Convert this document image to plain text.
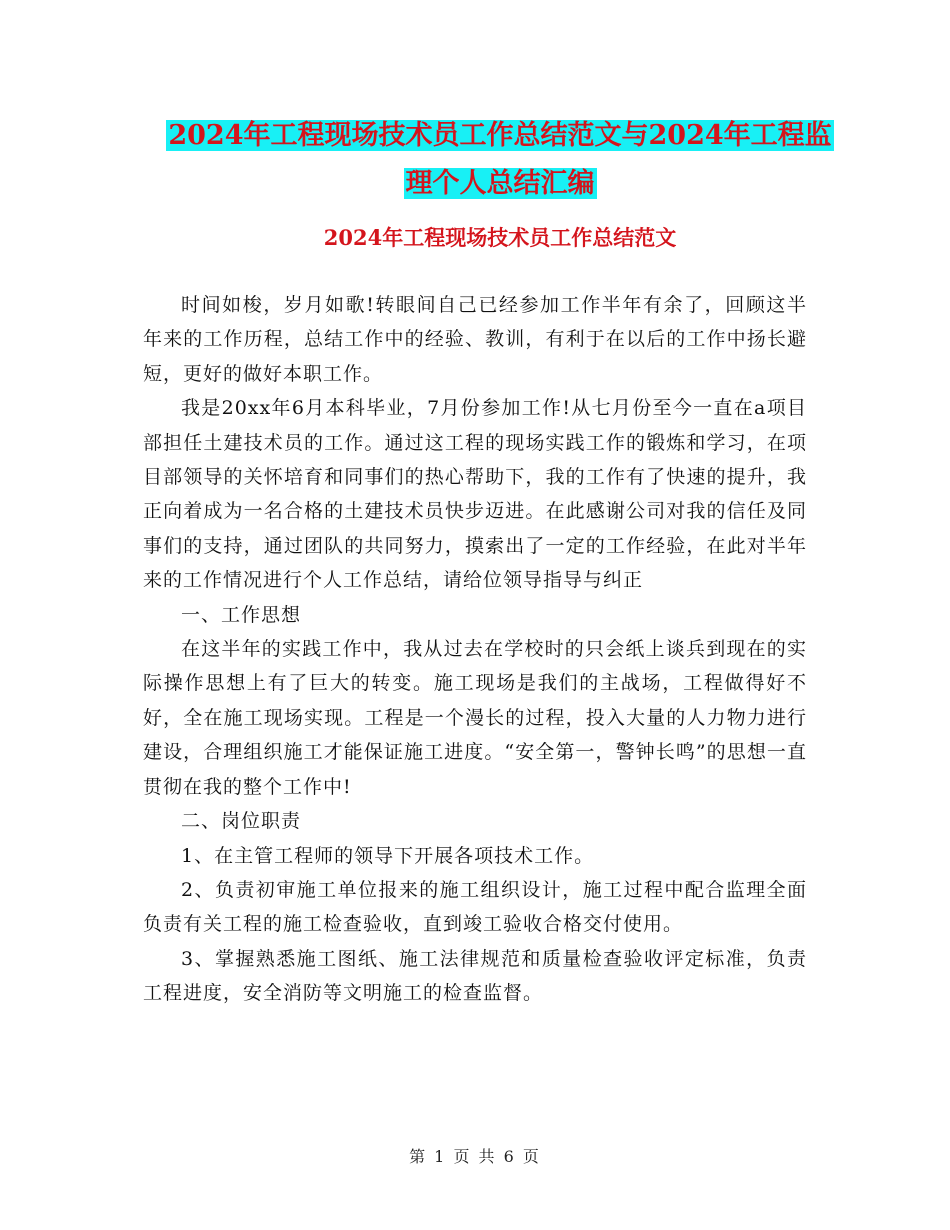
2024年工程现场技术员工作总结范文与2024年工程监
理个人总结汇编
2024年工程现场技术员工作总结范文

时间如梭，岁月如歌!转眼间自己已经参加工作半年有余了，回顾这半年来的工作历程，总结工作中的经验、教训，有利于在以后的工作中扬长避短，更好的做好本职工作。

我是20xx年6月本科毕业，7月份参加工作!从七月份至今一直在a项目部担任土建技术员的工作。通过这工程的现场实践工作的锻炼和学习，在项目部领导的关怀培育和同事们的热心帮助下，我的工作有了快速的提升，我正向着成为一名合格的土建技术员快步迈进。在此感谢公司对我的信任及同事们的支持，通过团队的共同努力，摸索出了一定的工作经验，在此对半年来的工作情况进行个人工作总结，请给位领导指导与纠正

一、工作思想

在这半年的实践工作中，我从过去在学校时的只会纸上谈兵到现在的实际操作思想上有了巨大的转变。施工现场是我们的主战场，工程做得好不好，全在施工现场实现。工程是一个漫长的过程，投入大量的人力物力进行建设，合理组织施工才能保证施工进度。“安全第一，警钟长鸣”的思想一直贯彻在我的整个工作中!

二、岗位职责

1、在主管工程师的领导下开展各项技术工作。

2、负责初审施工单位报来的施工组织设计，施工过程中配合监理全面负责有关工程的施工检查验收，直到竣工验收合格交付使用。

3、掌握熟悉施工图纸、施工法律规范和质量检查验收评定标准，负责工程进度，安全消防等文明施工的检查监督。

第 1 页 共 6 页
